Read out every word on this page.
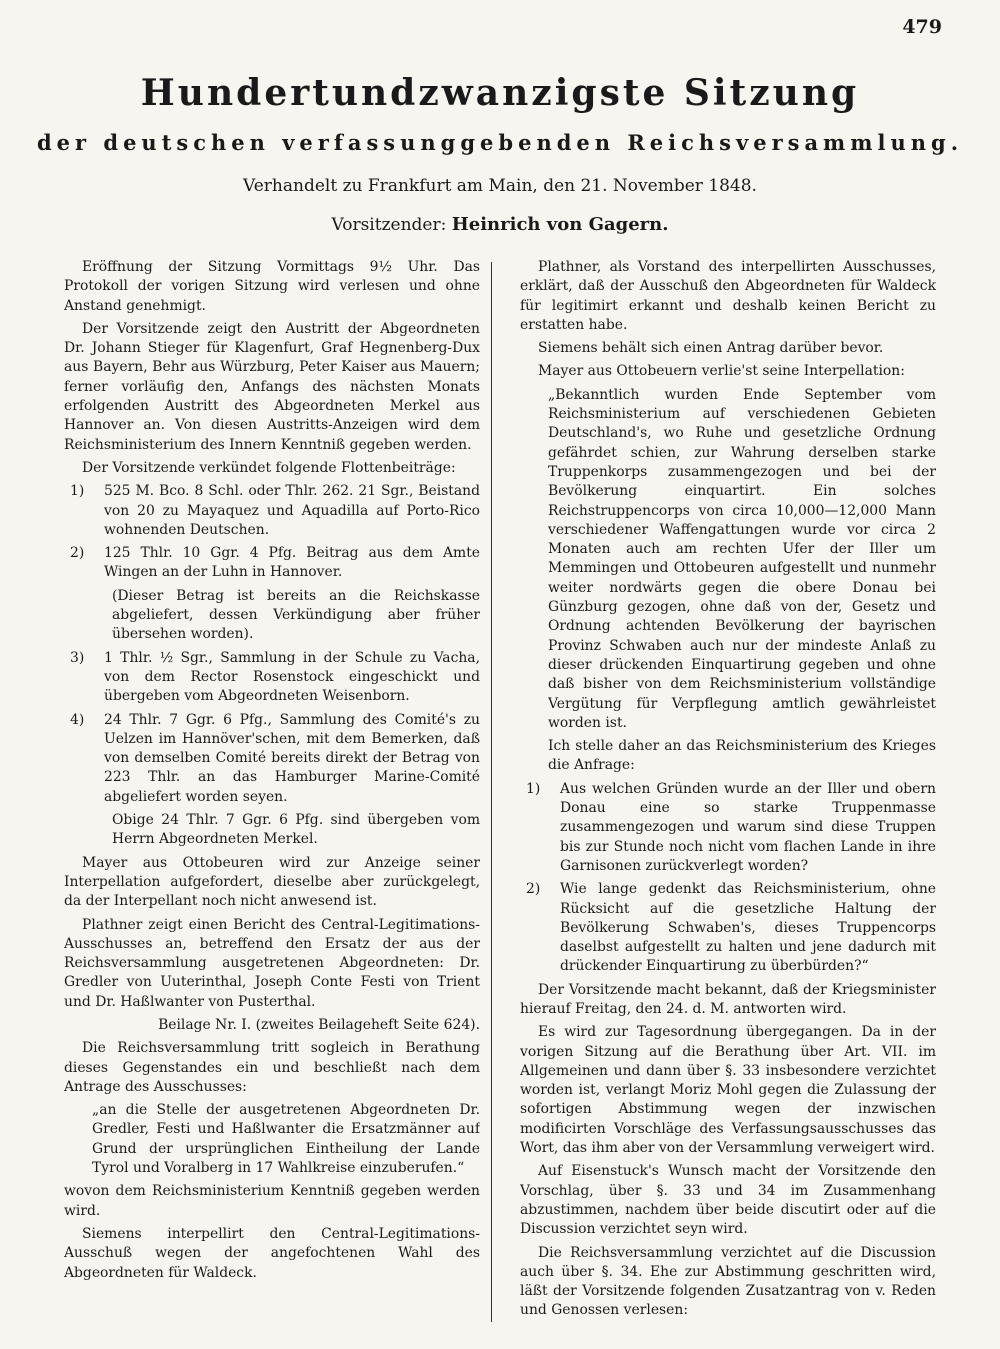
479
Hundertundzwanzigste Sitzung
der deutschen verfassunggebenden Reichsversammlung.
Verhandelt zu Frankfurt am Main, den 21. November 1848.
Vorsitzender: Heinrich von Gagern.

Eröffnung der Sitzung Vormittags 9½ Uhr. Das Protokoll der vorigen Sitzung wird verlesen und ohne Anstand genehmigt.

Der Vorsitzende zeigt den Austritt der Abgeordneten Dr. Johann Stieger für Klagenfurt, Graf Hegnenberg-Dux aus Bayern, Behr aus Würzburg, Peter Kaiser aus Mauern; ferner vorläufig den, Anfangs des nächsten Monats erfolgenden Austritt des Abgeordneten Merkel aus Hannover an. Von diesen Austritts-Anzeigen wird dem Reichsministerium des Innern Kenntniß gegeben werden.

Der Vorsitzende verkündet folgende Flottenbeiträge:

1) 525 M. Bco. 8 Schl. oder Thlr. 262. 21 Sgr., Beistand von 20 zu Mayaquez und Aquadilla auf Porto-Rico wohnenden Deutschen.

2) 125 Thlr. 10 Ggr. 4 Pfg. Beitrag aus dem Amte Wingen an der Luhn in Hannover.

(Dieser Betrag ist bereits an die Reichskasse abgeliefert, dessen Verkündigung aber früher übersehen worden).

3) 1 Thlr. ½ Sgr., Sammlung in der Schule zu Vacha, von dem Rector Rosenstock eingeschickt und übergeben vom Abgeordneten Weisenborn.

4) 24 Thlr. 7 Ggr. 6 Pfg., Sammlung des Comité's zu Uelzen im Hannöver'schen, mit dem Bemerken, daß von demselben Comité bereits direkt der Betrag von 223 Thlr. an das Hamburger Marine-Comité abgeliefert worden seyen.

Obige 24 Thlr. 7 Ggr. 6 Pfg. sind übergeben vom Herrn Abgeordneten Merkel.

Mayer aus Ottobeuren wird zur Anzeige seiner Interpellation aufgefordert, dieselbe aber zurückgelegt, da der Interpellant noch nicht anwesend ist.

Plathner zeigt einen Bericht des Central-Legitimations-Ausschusses an, betreffend den Ersatz der aus der Reichsversammlung ausgetretenen Abgeordneten: Dr. Gredler von Uuterinthal, Joseph Conte Festi von Trient und Dr. Haßlwanter von Pusterthal.

Beilage Nr. I. (zweites Beilageheft Seite 624).

Die Reichsversammlung tritt sogleich in Berathung dieses Gegenstandes ein und beschließt nach dem Antrage des Ausschusses:

„an die Stelle der ausgetretenen Abgeordneten Dr. Gredler, Festi und Haßlwanter die Ersatzmänner auf Grund der ursprünglichen Eintheilung der Lande Tyrol und Voralberg in 17 Wahlkreise einzuberufen.“

wovon dem Reichsministerium Kenntniß gegeben werden wird.

Siemens interpellirt den Central-Legitimations-Ausschuß wegen der angefochtenen Wahl des Abgeordneten für Waldeck.

Plathner, als Vorstand des interpellirten Ausschusses, erklärt, daß der Ausschuß den Abgeordneten für Waldeck für legitimirt erkannt und deshalb keinen Bericht zu erstatten habe.

Siemens behält sich einen Antrag darüber bevor.

Mayer aus Ottobeuern verlie'st seine Interpellation:

„Bekanntlich wurden Ende September vom Reichsministerium auf verschiedenen Gebieten Deutschland's, wo Ruhe und gesetzliche Ordnung gefährdet schien, zur Wahrung derselben starke Truppenkorps zusammengezogen und bei der Bevölkerung einquartirt. Ein solches Reichstruppencorps von circa 10,000—12,000 Mann verschiedener Waffengattungen wurde vor circa 2 Monaten auch am rechten Ufer der Iller um Memmingen und Ottobeuren aufgestellt und nunmehr weiter nordwärts gegen die obere Donau bei Günzburg gezogen, ohne daß von der, Gesetz und Ordnung achtenden Bevölkerung der bayrischen Provinz Schwaben auch nur der mindeste Anlaß zu dieser drückenden Einquartirung gegeben und ohne daß bisher von dem Reichsministerium vollständige Vergütung für Verpflegung amtlich gewährleistet worden ist.

Ich stelle daher an das Reichsministerium des Krieges die Anfrage:

1) Aus welchen Gründen wurde an der Iller und obern Donau eine so starke Truppenmasse zusammengezogen und warum sind diese Truppen bis zur Stunde noch nicht vom flachen Lande in ihre Garnisonen zurückverlegt worden?

2) Wie lange gedenkt das Reichsministerium, ohne Rücksicht auf die gesetzliche Haltung der Bevölkerung Schwaben's, dieses Truppencorps daselbst aufgestellt zu halten und jene dadurch mit drückender Einquartirung zu überbürden?“

Der Vorsitzende macht bekannt, daß der Kriegsminister hierauf Freitag, den 24. d. M. antworten wird.

Es wird zur Tagesordnung übergegangen. Da in der vorigen Sitzung auf die Berathung über Art. VII. im Allgemeinen und dann über §. 33 insbesondere verzichtet worden ist, verlangt Moriz Mohl gegen die Zulassung der sofortigen Abstimmung wegen der inzwischen modificirten Vorschläge des Verfassungsausschusses das Wort, das ihm aber von der Versammlung verweigert wird.

Auf Eisenstuck's Wunsch macht der Vorsitzende den Vorschlag, über §. 33 und 34 im Zusammenhang abzustimmen, nachdem über beide discutirt oder auf die Discussion verzichtet seyn wird.

Die Reichsversammlung verzichtet auf die Discussion auch über §. 34. Ehe zur Abstimmung geschritten wird, läßt der Vorsitzende folgenden Zusatzantrag von v. Reden und Genossen verlesen:
